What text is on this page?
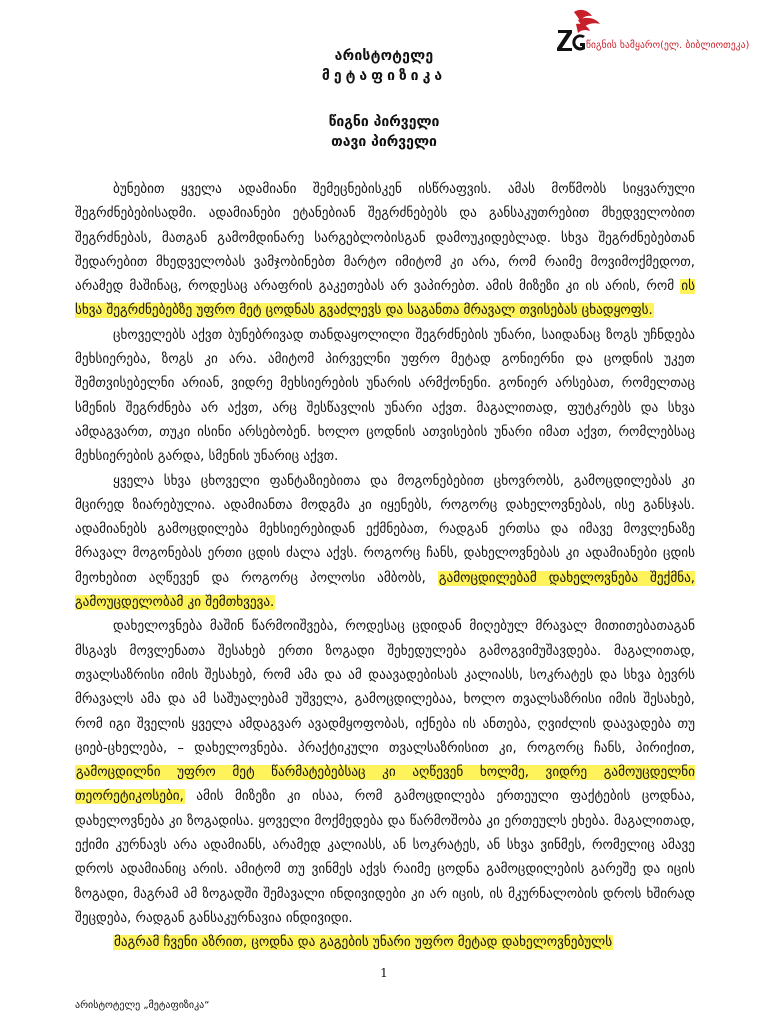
წიგნის ხამყარო(ელ. ბიბლიოთეკა)
არისტოტელე
მეტაფიზიკა
წიგნი პირველი
თავი პირველი

ბუნებით ყველა ადამიანი შემეცნებისკენ ისწრაფვის. ამას მოწმობს სიყვარული შეგრძნებებისადმი. ადამიანები ეტანებიან შეგრძნებებს და განსაკუთრებით მხედველობით შეგრძნებას, მათგან გამომდინარე სარგებლობისგან დამოუკიდებლად. სხვა შეგრძნებებთან შედარებით მხედველობას ვამჯობინებთ მარტო იმიტომ კი არა, რომ რაიმე მოვიმოქმედოთ, არამედ მაშინაც, როდესაც არაფრის გაკეთებას არ ვაპირებთ. ამის მიზეზი კი ის არის, რომ ის სხვა შეგრძნებებზე უფრო მეტ ცოდნას გვაძლევს და საგანთა მრავალ თვისებას ცხადყოფს.

ცხოველებს აქვთ ბუნებრივად თანდაყოლილი შეგრძნების უნარი, საიდანაც ზოგს უჩნდება მეხსიერება, ზოგს კი არა. ამიტომ პირველნი უფრო მეტად გონიერნი და ცოდნის უკეთ შემთვისებელნი არიან, ვიდრე მეხსიერების უნარის არმქონენი. გონიერ არსებათ, რომელთაც სმენის შეგრძნება არ აქვთ, არც შესწავლის უნარი აქვთ. მაგალითად, ფუტკრებს და სხვა ამდაგვართ, თუკი ისინი არსებობენ. ხოლო ცოდნის ათვისების უნარი იმათ აქვთ, რომლებსაც მეხსიერების გარდა, სმენის უნარიც აქვთ.

ყველა სხვა ცხოველი ფანტაზიებითა და მოგონებებით ცხოვრობს, გამოცდილებას კი მცირედ ზიარებულია. ადამიანთა მოდგმა კი იყენებს, როგორც დახელოვნებას, ისე განსჯას. ადამიანებს გამოცდილება მეხსიერებიდან ექმნებათ, რადგან ერთსა და იმავე მოვლენაზე მრავალ მოგონებას ერთი ცდის ძალა აქვს. როგორც ჩანს, დახელოვნებას კი ადამიანები ცდის მეოხებით აღწევენ და როგორც პოლოსი ამბობს, გამოცდილებამ დახელოვნება შექმნა, გამოუცდელობამ კი შემთხვევა.

დახელოვნება მაშინ წარმოიშვება, როდესაც ცდიდან მიღებულ მრავალ მითითებათაგან მსგავს მოვლენათა შესახებ ერთი ზოგადი შეხედულება გამოგვიმუშავდება. მაგალითად, თვალსაზრისი იმის შესახებ, რომ ამა და ამ დაავადებისას კალიასს, სოკრატეს და სხვა ბევრს მრავალს ამა და ამ საშუალებამ უშველა, გამოცდილებაა, ხოლო თვალსაზრისი იმის შესახებ, რომ იგი შველის ყველა ამდაგვარ ავადმყოფობას, იქნება ის ანთება, ღვიძლის დაავადება თუ ციებ-ცხელება, – დახელოვნება. პრაქტიკული თვალსაზრისით კი, როგორც ჩანს, პირიქით, გამოცდილნი უფრო მეტ წარმატებებსაც კი აღწევენ ხოლმე, ვიდრე გამოუცდელნი თეორეტიკოსები, ამის მიზეზი კი ისაა, რომ გამოცდილება ერთეული ფაქტების ცოდნაა, დახელოვნება კი ზოგადისა. ყოველი მოქმედება და წარმოშობა კი ერთეულს ეხება. მაგალითად, ექიმი კურნავს არა ადამიანს, არამედ კალიასს, ან სოკრატეს, ან სხვა ვინმეს, რომელიც ამავე დროს ადამიანიც არის. ამიტომ თუ ვინმეს აქვს რაიმე ცოდნა გამოცდილების გარეშე და იცის ზოგადი, მაგრამ ამ ზოგადში შემავალი ინდივიდები კი არ იცის, ის მკურნალობის დროს ხშირად შეცდება, რადგან განსაკურნავია ინდივიდი.

მაგრამ ჩვენი აზრით, ცოდნა და გაგების უნარი უფრო მეტად დახელოვნებულს

1
არისტოტელე „მეტაფიზიკა“
